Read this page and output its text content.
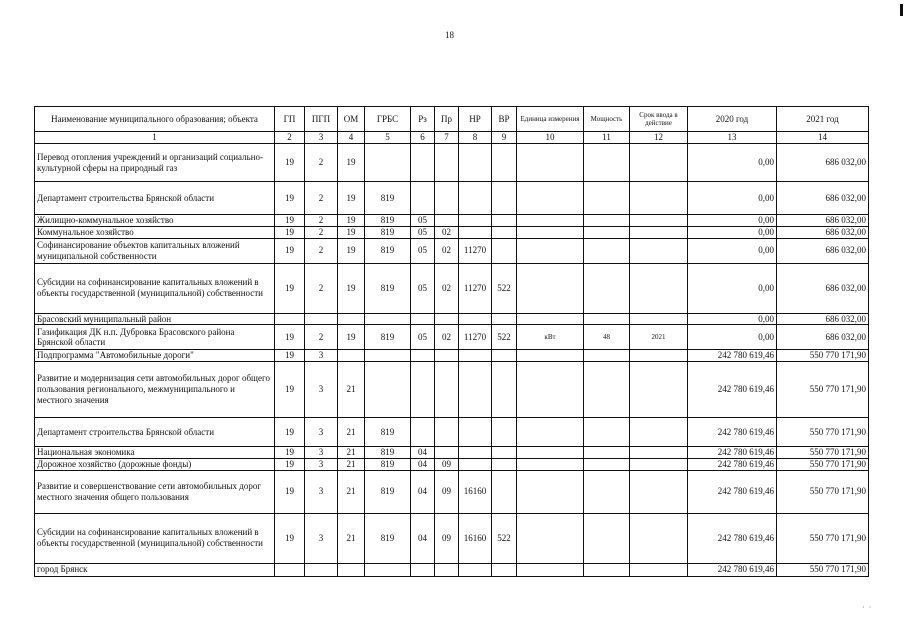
18
· ·
Наименование муниципального образования; объекта	ГП	ПГП	ОМ	ГРБС	Рз	Пр	НР	ВР	Единица измерения	Мощность	Срок ввода в действие	2020 год	2021 год
1	2	3	4	5	6	7	8	9	10	11	12	13	14
Перевод отопления учреждений и организаций социально-культурной сферы на природный газ	19	2	19									0,00	686 032,00
Департамент строительства Брянской области	19	2	19	819								0,00	686 032,00
Жилищно-коммунальное хозяйство	19	2	19	819	05							0,00	686 032,00
Коммунальное хозяйство	19	2	19	819	05	02						0,00	686 032,00
Софинансирование объектов капитальных вложений муниципальной собственности	19	2	19	819	05	02	11270					0,00	686 032,00
Субсидии на софинансирование капитальных вложений в объекты государственной (муниципальной) собственности	19	2	19	819	05	02	11270	522				0,00	686 032,00
Брасовский муниципальный район												0,00	686 032,00
Газификация ДК н.п. Дубровка Брасовского района Брянской области	19	2	19	819	05	02	11270	522	кВт	48	2021	0,00	686 032,00
Подпрограмма "Автомобильные дороги"	19	3										242 780 619,46	550 770 171,90
Развитие и модернизация сети автомобильных дорог общего пользования регионального, межмуниципального и местного значения	19	3	21									242 780 619,46	550 770 171,90
Департамент строительства Брянской области	19	3	21	819								242 780 619,46	550 770 171,90
Национальная экономика	19	3	21	819	04							242 780 619,46	550 770 171,90
Дорожное хозяйство (дорожные фонды)	19	3	21	819	04	09						242 780 619,46	550 770 171,90
Развитие и совершенствование сети автомобильных дорог местного значения общего пользования	19	3	21	819	04	09	16160					242 780 619,46	550 770 171,90
Субсидии на софинансирование капитальных вложений в объекты государственной (муниципальной) собственности	19	3	21	819	04	09	16160	522				242 780 619,46	550 770 171,90
город Брянск												242 780 619,46	550 770 171,90
